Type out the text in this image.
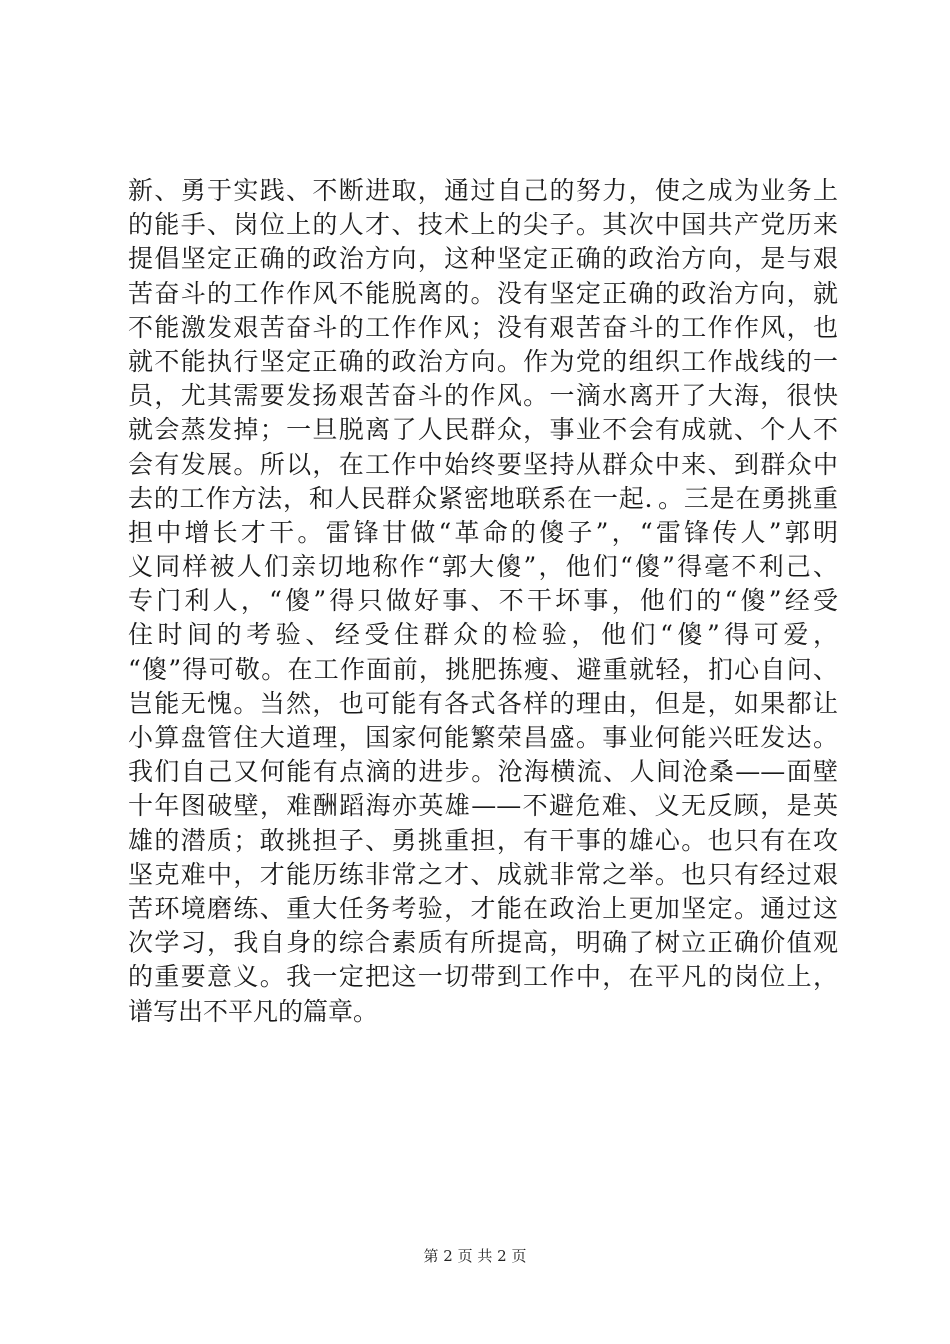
新、勇于实践、不断进取，通过自己的努力，使之成为业务上
的能手、岗位上的人才、技术上的尖子。其次中国共产党历来
提倡坚定正确的政治方向，这种坚定正确的政治方向，是与艰
苦奋斗的工作作风不能脱离的。没有坚定正确的政治方向，就
不能激发艰苦奋斗的工作作风；没有艰苦奋斗的工作作风，也
就不能执行坚定正确的政治方向。作为党的组织工作战线的一
员，尤其需要发扬艰苦奋斗的作风。一滴水离开了大海，很快
就会蒸发掉；一旦脱离了人民群众，事业不会有成就、个人不
会有发展。所以，在工作中始终要坚持从群众中来、到群众中
去的工作方法，和人民群众紧密地联系在一起．。三是在勇挑重
担中增长才干。雷锋甘做“革命的傻子”，“雷锋传人”郭明
义同样被人们亲切地称作“郭大傻”，他们“傻”得毫不利己、
专门利人，“傻”得只做好事、不干坏事，他们的“傻”经受
住时间的考验、经受住群众的检验，他们“傻”得可爱，
“傻”得可敬。在工作面前，挑肥拣瘦、避重就轻，扪心自问、
岂能无愧。当然，也可能有各式各样的理由，但是，如果都让
小算盘管住大道理，国家何能繁荣昌盛。事业何能兴旺发达。
我们自己又何能有点滴的进步。沧海横流、人间沧桑——面壁
十年图破壁，难酬蹈海亦英雄——不避危难、义无反顾，是英
雄的潜质；敢挑担子、勇挑重担，有干事的雄心。也只有在攻
坚克难中，才能历练非常之才、成就非常之举。也只有经过艰
苦环境磨练、重大任务考验，才能在政治上更加坚定。通过这
次学习，我自身的综合素质有所提高，明确了树立正确价值观
的重要意义。我一定把这一切带到工作中，在平凡的岗位上，
谱写出不平凡的篇章。
第 2 页 共 2 页
